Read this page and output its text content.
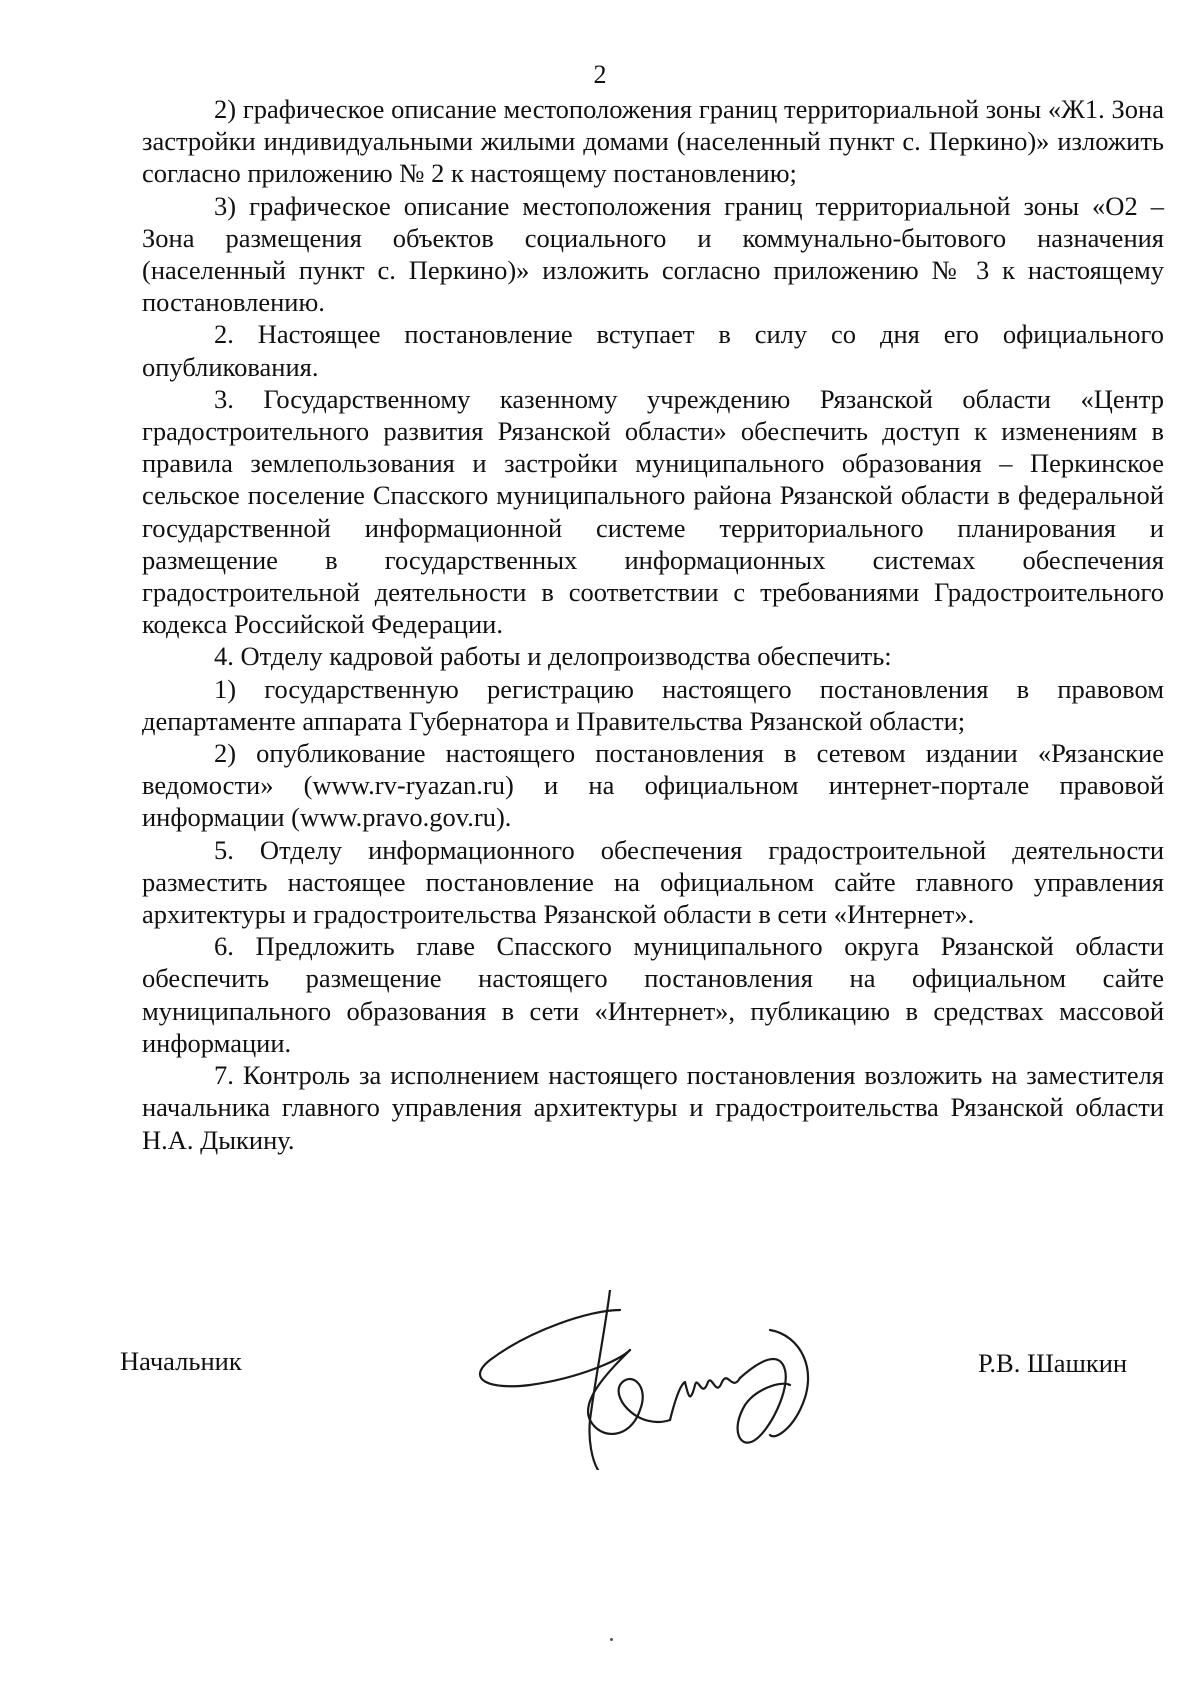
2

2) графическое описание местоположения границ территориальной зоны «Ж1. Зона застройки индивидуальными жилыми домами (населенный пункт с. Перкино)» изложить согласно приложению № 2 к настоящему постановлению;

3) графическое описание местоположения границ территориальной зоны «О2 – Зона размещения объектов социального и коммунально-бытового назначения (населенный пункт с. Перкино)» изложить согласно приложению № 3 к настоящему постановлению.

2. Настоящее постановление вступает в силу со дня его официального опубликования.

3. Государственному казенному учреждению Рязанской области «Центр градостроительного развития Рязанской области» обеспечить доступ к изменениям в правила землепользования и застройки муниципального образования – Перкинское сельское поселение Спасского муниципального района Рязанской области в федеральной государственной информационной системе территориального планирования и размещение в государственных информационных системах обеспечения градостроительной деятельности в соответствии с требованиями Градостроительного кодекса Российской Федерации.

4. Отделу кадровой работы и делопроизводства обеспечить:

1) государственную регистрацию настоящего постановления в правовом департаменте аппарата Губернатора и Правительства Рязанской области;

2) опубликование настоящего постановления в сетевом издании «Рязанские ведомости» (www.rv-ryazan.ru) и на официальном интернет-портале правовой информации (www.pravo.gov.ru).

5. Отделу информационного обеспечения градостроительной деятельности разместить настоящее постановление на официальном сайте главного управления архитектуры и градостроительства Рязанской области в сети «Интернет».

6. Предложить главе Спасского муниципального округа Рязанской области обеспечить размещение настоящего постановления на официальном сайте муниципального образования в сети «Интернет», публикацию в средствах массовой информации.

7. Контроль за исполнением настоящего постановления возложить на заместителя начальника главного управления архитектуры и градостроительства Рязанской области Н.А. Дыкину.

Начальник	Р.В. Шашкин
